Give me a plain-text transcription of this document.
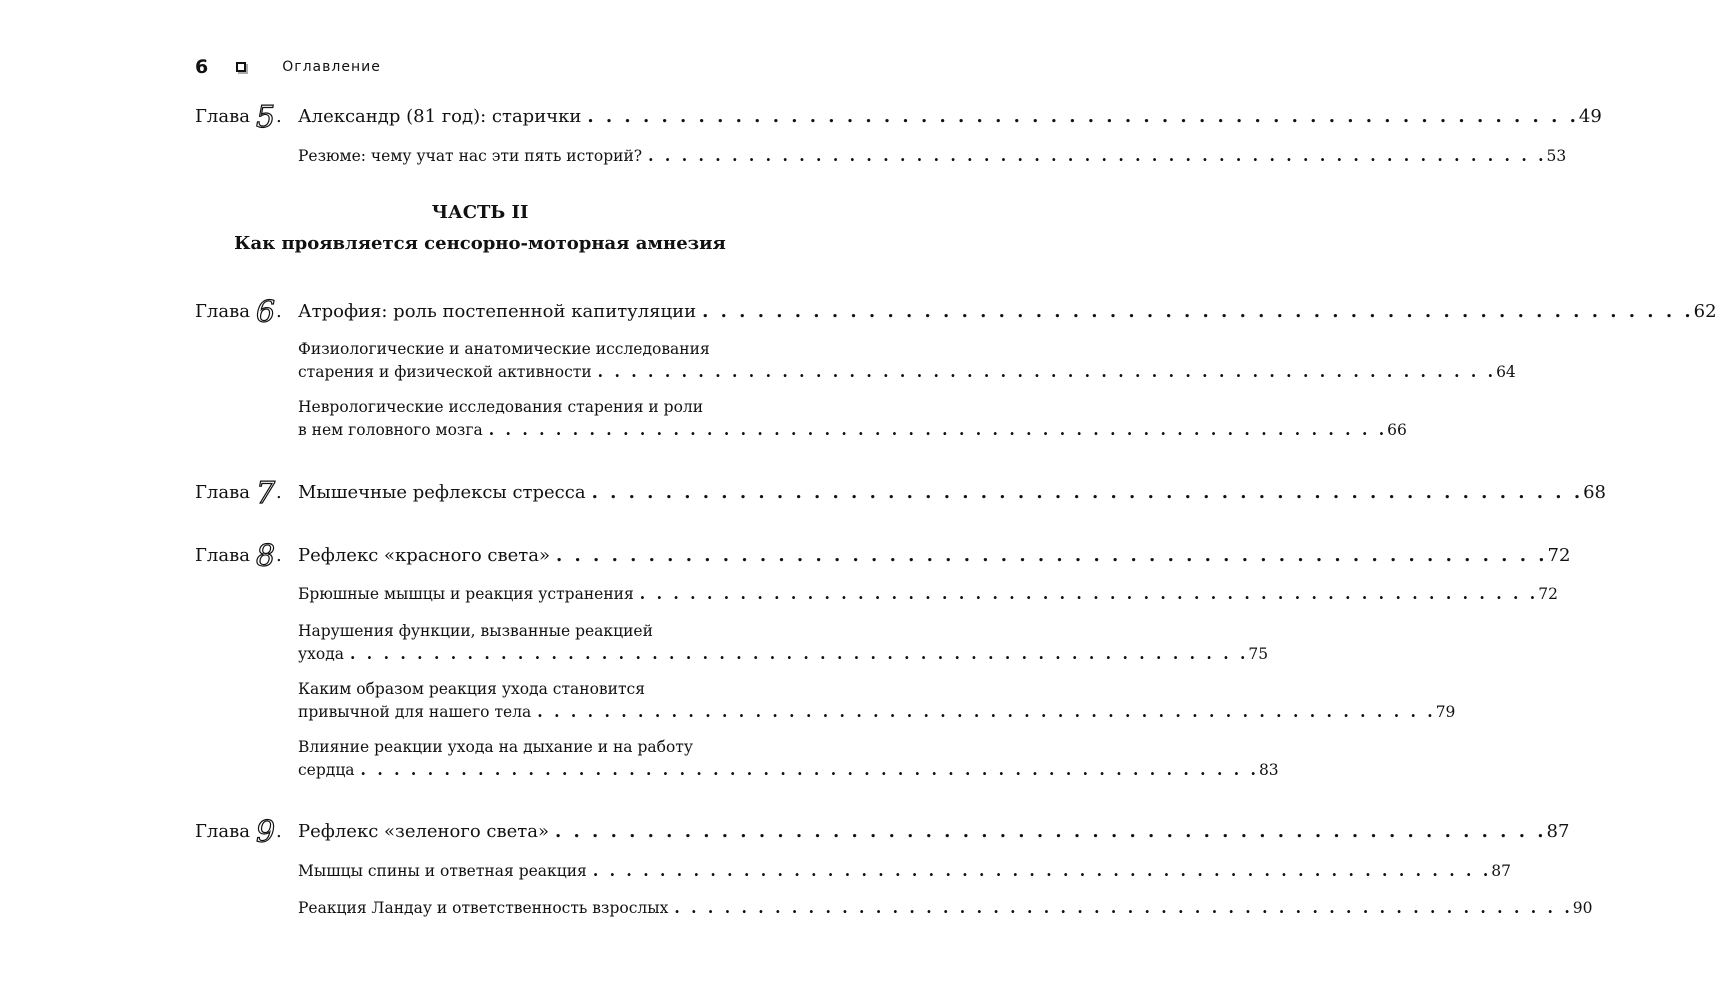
6	Оглавление
Глава 5 . Александр (81 год): старички . . . . . . . . . . . . . . . . . . . . . . . . . . . . . . . . . . . . . . . . . . . . . . . . . . . . . . 49
Резюме: чему учат нас эти пять историй? . . . . . . . . . . . . . . . . . . . . . . . . . . . . . . . . . . . . . . . . . . . . . . . . . . . . . . 53
ЧАСТЬ II
Как проявляется сенсорно-моторная амнезия
Глава 6 . Атрофия: роль постепенной капитуляции . . . . . . . . . . . . . . . . . . . . . . . . . . . . . . . . . . . . . . . . . . . . . . . . . . . . . . 62
Физиологические и анатомические исследования
старения и физической активности . . . . . . . . . . . . . . . . . . . . . . . . . . . . . . . . . . . . . . . . . . . . . . . . . . . . . . 64
Неврологические исследования старения и роли
в нем головного мозга . . . . . . . . . . . . . . . . . . . . . . . . . . . . . . . . . . . . . . . . . . . . . . . . . . . . . . 66
Глава 7 . Мышечные рефлексы стресса . . . . . . . . . . . . . . . . . . . . . . . . . . . . . . . . . . . . . . . . . . . . . . . . . . . . . . 68
Глава 8 . Рефлекс «красного света» . . . . . . . . . . . . . . . . . . . . . . . . . . . . . . . . . . . . . . . . . . . . . . . . . . . . . . 72
Брюшные мышцы и реакция устранения . . . . . . . . . . . . . . . . . . . . . . . . . . . . . . . . . . . . . . . . . . . . . . . . . . . . . . 72
Нарушения функции, вызванные реакцией
ухода . . . . . . . . . . . . . . . . . . . . . . . . . . . . . . . . . . . . . . . . . . . . . . . . . . . . . . 75
Каким образом реакция ухода становится
привычной для нашего тела . . . . . . . . . . . . . . . . . . . . . . . . . . . . . . . . . . . . . . . . . . . . . . . . . . . . . . 79
Влияние реакции ухода на дыхание и на работу
сердца . . . . . . . . . . . . . . . . . . . . . . . . . . . . . . . . . . . . . . . . . . . . . . . . . . . . . . 83
Глава 9 . Рефлекс «зеленого света» . . . . . . . . . . . . . . . . . . . . . . . . . . . . . . . . . . . . . . . . . . . . . . . . . . . . . . 87
Мышцы спины и ответная реакция . . . . . . . . . . . . . . . . . . . . . . . . . . . . . . . . . . . . . . . . . . . . . . . . . . . . . . 87
Реакция Ландау и ответственность взрослых . . . . . . . . . . . . . . . . . . . . . . . . . . . . . . . . . . . . . . . . . . . . . . . . . . . . . . 90
